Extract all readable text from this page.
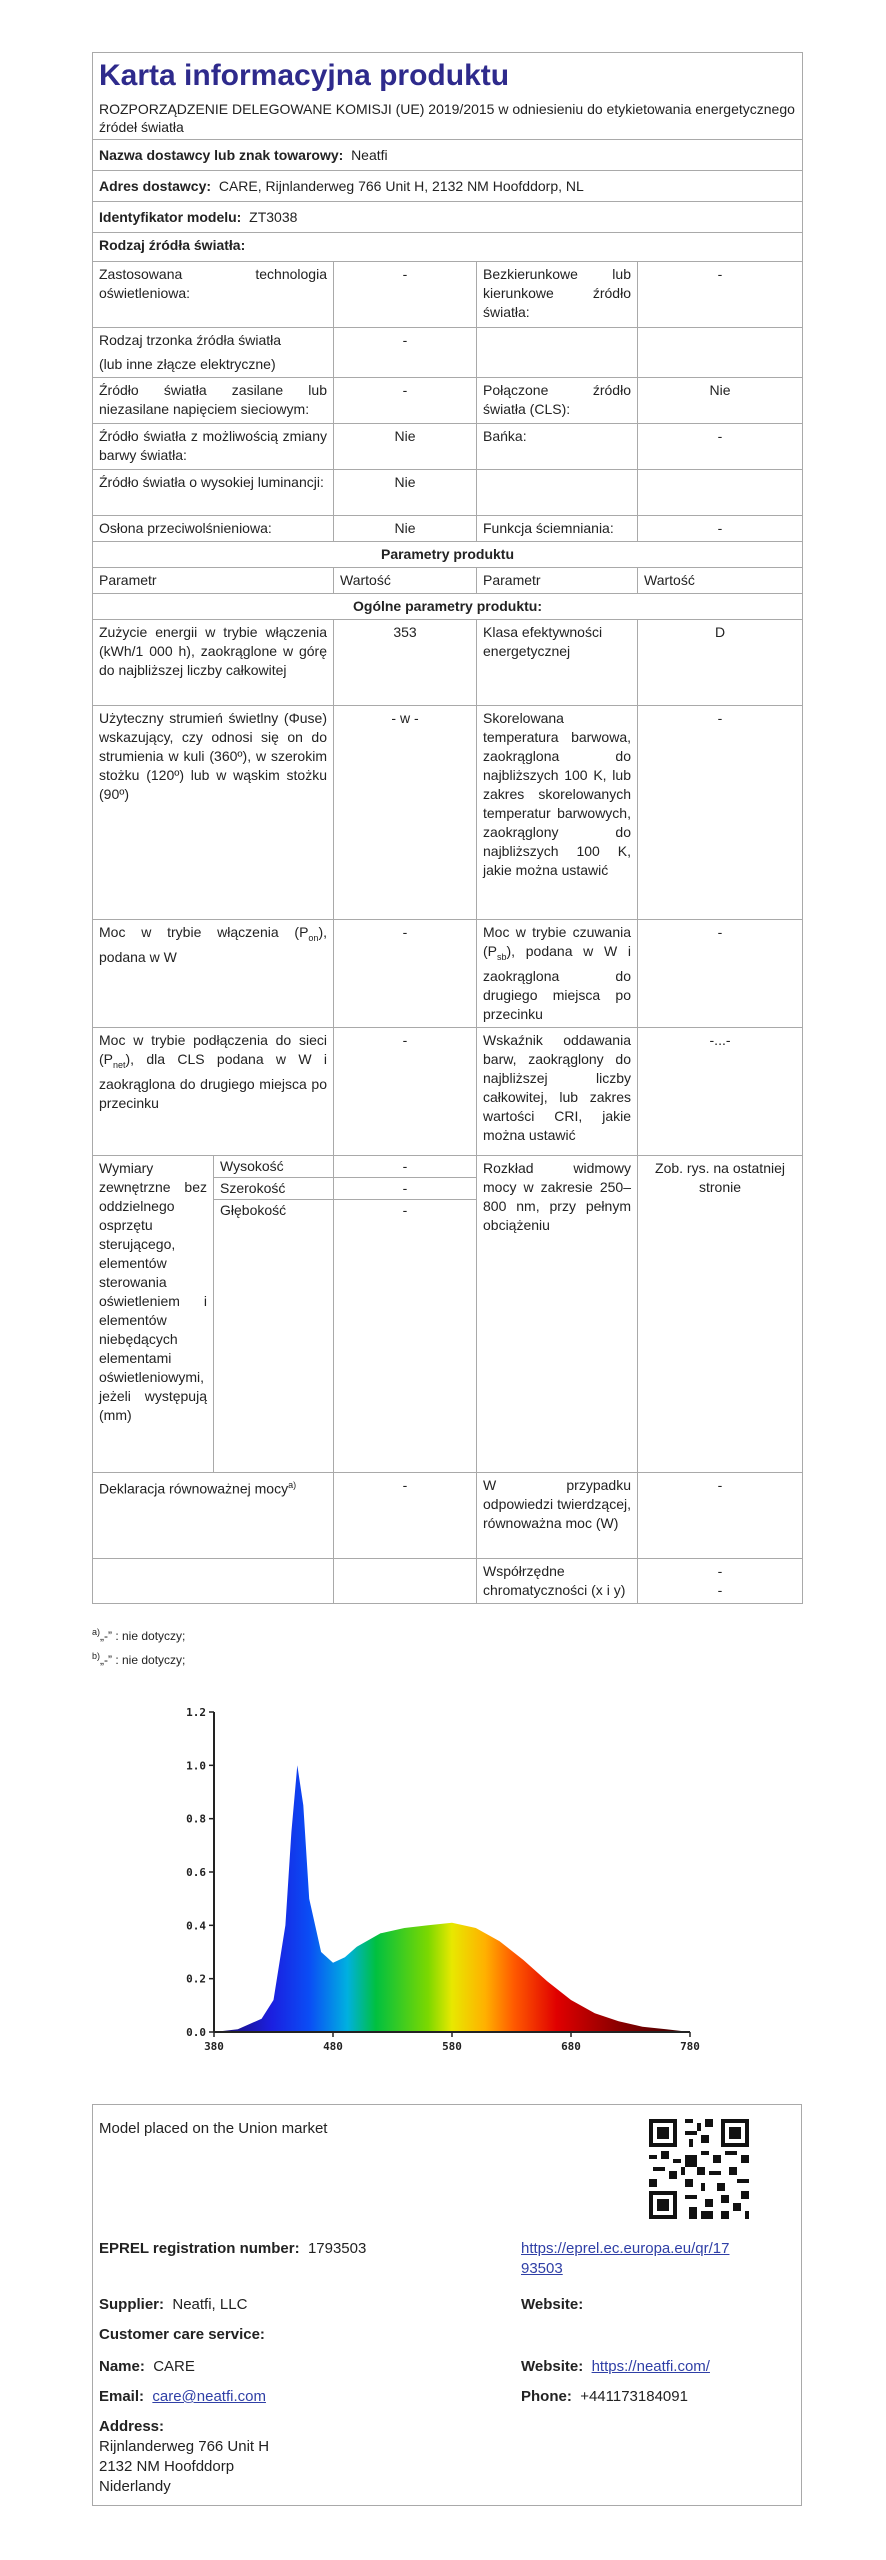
Karta informacyjna produktu				
ROZPORZĄDZENIE DELEGOWANE KOMISJI (UE) 2019/2015 w odniesieniu do etykietowania energetycznego źródeł światła				
Nazwa dostawcy lub znak towarowy: Neatfi				
Adres dostawcy: CARE, Rijnlanderweg 766 Unit H, 2132 NM Hoofddorp, NL				
Identyfikator modelu: ZT3038				
Rodzaj źródła światła:				
Zastosowana technologia oświetleniowa:		-	Bezkierunkowe lub kierunkowe źródło światła:	-

Rodzaj trzonka źródła światła
(lub inne złącze elektryczne)		-		
Źródło światła zasilane lub niezasilane napięciem sieciowym:		-	Połączone źródło światła (CLS):	Nie
Źródło światła z możliwością zmiany barwy światła:		Nie	Bańka:	-
Źródło światła o wysokiej luminancji:		Nie		
Osłona przeciwolśnieniowa:		Nie	Funkcja ściemniania:	-
Parametry produktu				
Parametr		Wartość	Parametr	Wartość
Ogólne parametry produktu:				
Zużycie energii w trybie włączenia (kWh/1 000 h), zaokrąglone w górę do najbliższej liczby całkowitej		353	Klasa efektywności energetycznej	D
Użyteczny strumień świetlny (Φuse) wskazujący, czy odnosi się on do strumienia w kuli (360º), w szerokim stożku (120º) lub w wąskim stożku (90º)		- w -	Skorelowana temperatura barwowa, zaokrąglona do najbliższych 100 K, lub zakres skorelowanych temperatur barwowych, zaokrąglony do najbliższych 100 K, jakie można ustawić	-
Moc w trybie włączenia $(P_{on})$, podana w W		-	Moc w trybie czuwania $(P_{sb})$, podana w W i zaokrąglona do drugiego miejsca po przecinku	-
Moc w trybie podłączenia do sieci $(P_{net})$, dla CLS podana w W i zaokrąglona do drugiego miejsca po przecinku		-	Wskaźnik oddawania barw, zaokrąglony do najbliższej liczby całkowitej, lub zakres wartości CRI, jakie można ustawić	-...-
Wymiary zewnętrzne bez oddzielnego osprzętu sterującego, elementów sterowania oświetleniem i elementów niebędących elementami oświetleniowymi, jeżeli występują (mm)	Wysokość	-	Rozkład widmowy mocy w zakresie 250–800 nm, przy pełnym obciążeniu	Zob. rys. na ostatniej stronie
	Szerokość	-		
	Głębokość	-		
Deklaracja równoważnej mocy$^{a)}$		-	W przypadku odpowiedzi twierdzącej, równoważna moc (W)	-
			Współrzędne chromatyczności (x i y)	-
-
$^{a)}$„-” : nie dotyczy;
$^{b)}$„-” : nie dotyczy;
0.0
0.2
0.4
0.6
0.8
1.0
1.2
380	480	580	680	780
Model placed on the Union market
EPREL registration number: 1793503	https://eprel.ec.europa.eu/qr/17
93503
Supplier: Neatfi, LLC	Website:
Customer care service:
Name: CARE	Website: https://neatfi.com/
Email: care@neatfi.com	Phone: +441173184091
Address:
Rijnlanderweg 766 Unit H
2132 NM Hoofddorp
Niderlandy
